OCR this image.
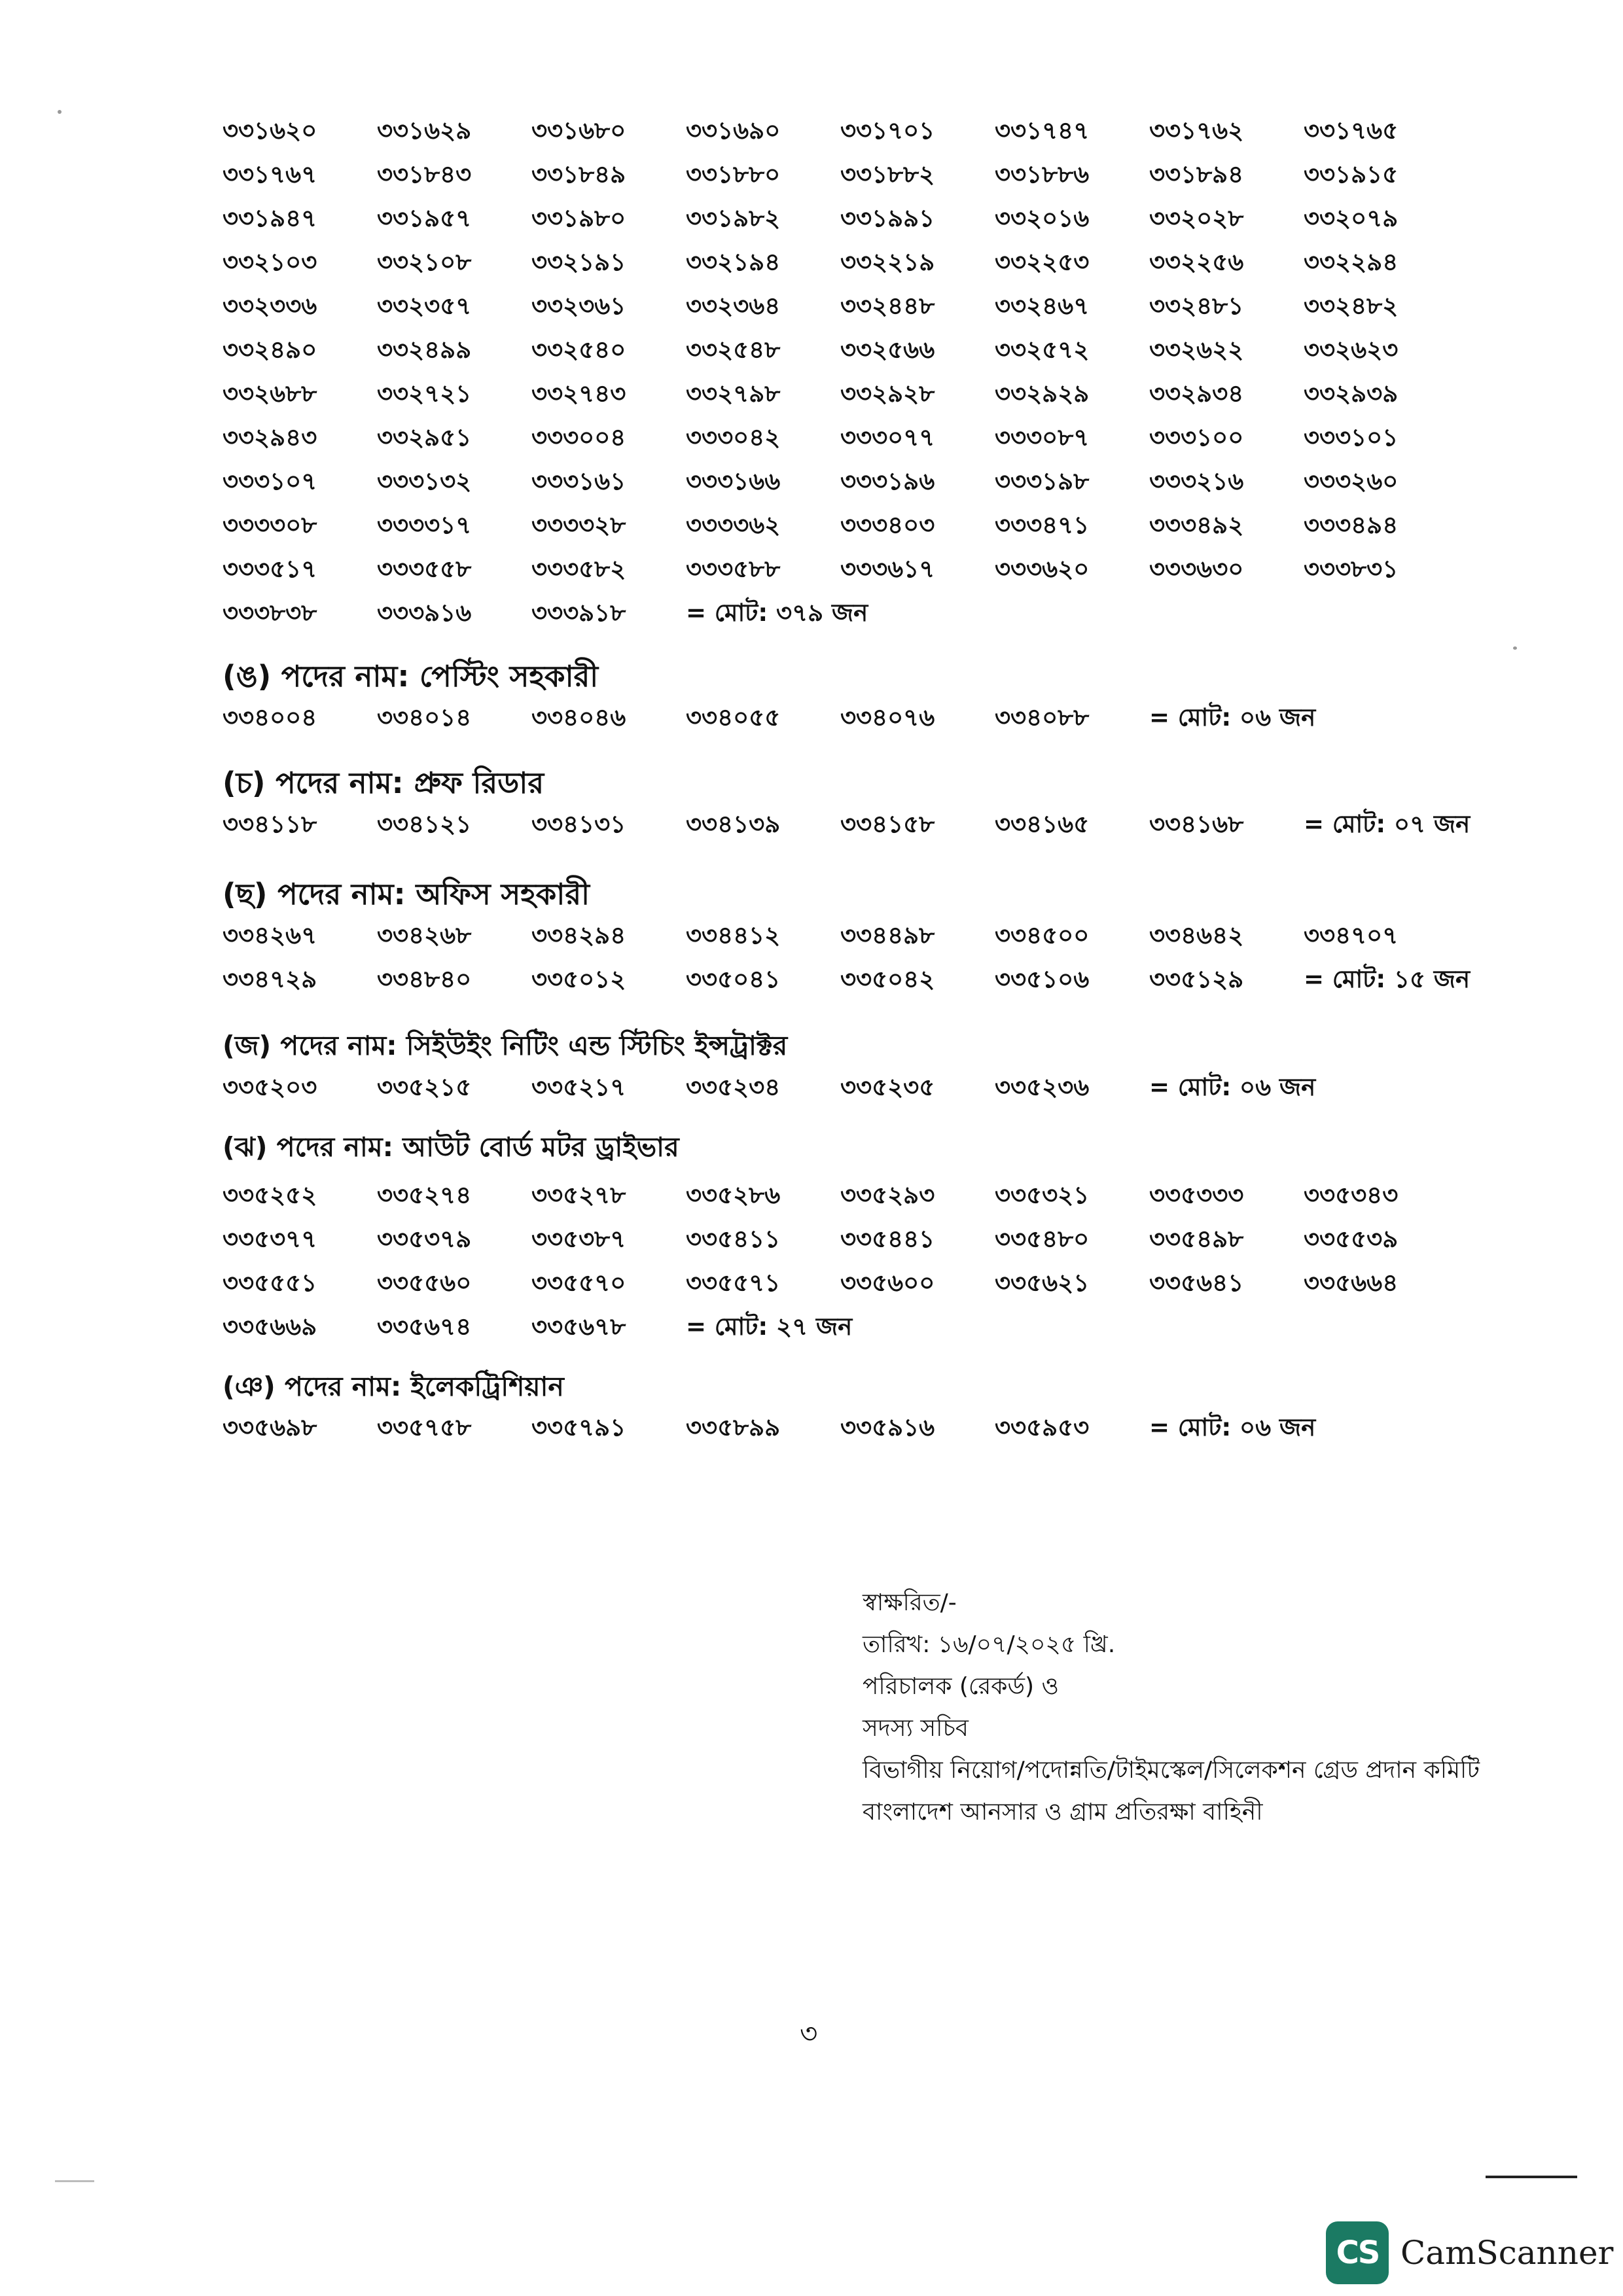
৩৩১৬২০	৩৩১৬২৯	৩৩১৬৮০	৩৩১৬৯০	৩৩১৭০১	৩৩১৭৪৭	৩৩১৭৬২	৩৩১৭৬৫
৩৩১৭৬৭	৩৩১৮৪৩	৩৩১৮৪৯	৩৩১৮৮০	৩৩১৮৮২	৩৩১৮৮৬	৩৩১৮৯৪	৩৩১৯১৫
৩৩১৯৪৭	৩৩১৯৫৭	৩৩১৯৮০	৩৩১৯৮২	৩৩১৯৯১	৩৩২০১৬	৩৩২০২৮	৩৩২০৭৯
৩৩২১০৩	৩৩২১০৮	৩৩২১৯১	৩৩২১৯৪	৩৩২২১৯	৩৩২২৫৩	৩৩২২৫৬	৩৩২২৯৪
৩৩২৩৩৬	৩৩২৩৫৭	৩৩২৩৬১	৩৩২৩৬৪	৩৩২৪৪৮	৩৩২৪৬৭	৩৩২৪৮১	৩৩২৪৮২
৩৩২৪৯০	৩৩২৪৯৯	৩৩২৫৪০	৩৩২৫৪৮	৩৩২৫৬৬	৩৩২৫৭২	৩৩২৬২২	৩৩২৬২৩
৩৩২৬৮৮	৩৩২৭২১	৩৩২৭৪৩	৩৩২৭৯৮	৩৩২৯২৮	৩৩২৯২৯	৩৩২৯৩৪	৩৩২৯৩৯
৩৩২৯৪৩	৩৩২৯৫১	৩৩৩০০৪	৩৩৩০৪২	৩৩৩০৭৭	৩৩৩০৮৭	৩৩৩১০০	৩৩৩১০১
৩৩৩১০৭	৩৩৩১৩২	৩৩৩১৬১	৩৩৩১৬৬	৩৩৩১৯৬	৩৩৩১৯৮	৩৩৩২১৬	৩৩৩২৬০
৩৩৩৩০৮	৩৩৩৩১৭	৩৩৩৩২৮	৩৩৩৩৬২	৩৩৩৪০৩	৩৩৩৪৭১	৩৩৩৪৯২	৩৩৩৪৯৪
৩৩৩৫১৭	৩৩৩৫৫৮	৩৩৩৫৮২	৩৩৩৫৮৮	৩৩৩৬১৭	৩৩৩৬২০	৩৩৩৬৩০	৩৩৩৮৩১
৩৩৩৮৩৮	৩৩৩৯১৬	৩৩৩৯১৮	= মোট: ৩৭৯ জন
(ঙ) পদের নাম: পেস্টিং সহকারী
৩৩৪০০৪	৩৩৪০১৪	৩৩৪০৪৬	৩৩৪০৫৫	৩৩৪০৭৬	৩৩৪০৮৮	= মোট: ০৬ জন
(চ) পদের নাম: প্রুফ রিডার
৩৩৪১১৮	৩৩৪১২১	৩৩৪১৩১	৩৩৪১৩৯	৩৩৪১৫৮	৩৩৪১৬৫	৩৩৪১৬৮	= মোট: ০৭ জন
(ছ) পদের নাম: অফিস সহকারী
৩৩৪২৬৭	৩৩৪২৬৮	৩৩৪২৯৪	৩৩৪৪১২	৩৩৪৪৯৮	৩৩৪৫০০	৩৩৪৬৪২	৩৩৪৭০৭
৩৩৪৭২৯	৩৩৪৮৪০	৩৩৫০১২	৩৩৫০৪১	৩৩৫০৪২	৩৩৫১০৬	৩৩৫১২৯	= মোট: ১৫ জন
(জ) পদের নাম: সিইউইং নিটিং এন্ড স্টিচিং ইন্সট্রাক্টর
৩৩৫২০৩	৩৩৫২১৫	৩৩৫২১৭	৩৩৫২৩৪	৩৩৫২৩৫	৩৩৫২৩৬	= মোট: ০৬ জন
(ঝ) পদের নাম: আউট বোর্ড মটর ড্রাইভার
৩৩৫২৫২	৩৩৫২৭৪	৩৩৫২৭৮	৩৩৫২৮৬	৩৩৫২৯৩	৩৩৫৩২১	৩৩৫৩৩৩	৩৩৫৩৪৩
৩৩৫৩৭৭	৩৩৫৩৭৯	৩৩৫৩৮৭	৩৩৫৪১১	৩৩৫৪৪১	৩৩৫৪৮০	৩৩৫৪৯৮	৩৩৫৫৩৯
৩৩৫৫৫১	৩৩৫৫৬০	৩৩৫৫৭০	৩৩৫৫৭১	৩৩৫৬০০	৩৩৫৬২১	৩৩৫৬৪১	৩৩৫৬৬৪
৩৩৫৬৬৯	৩৩৫৬৭৪	৩৩৫৬৭৮	= মোট: ২৭ জন
(ঞ) পদের নাম: ইলেকট্রিশিয়ান
৩৩৫৬৯৮	৩৩৫৭৫৮	৩৩৫৭৯১	৩৩৫৮৯৯	৩৩৫৯১৬	৩৩৫৯৫৩	= মোট: ০৬ জন
স্বাক্ষরিত/-
তারিখ: ১৬/০৭/২০২৫ খ্রি.
পরিচালক (রেকর্ড) ও
সদস্য সচিব
বিভাগীয় নিয়োগ/পদোন্নতি/টাইমস্কেল/সিলেকশন গ্রেড প্রদান কমিটি
বাংলাদেশ আনসার ও গ্রাম প্রতিরক্ষা বাহিনী
৩
CS CamScanner
